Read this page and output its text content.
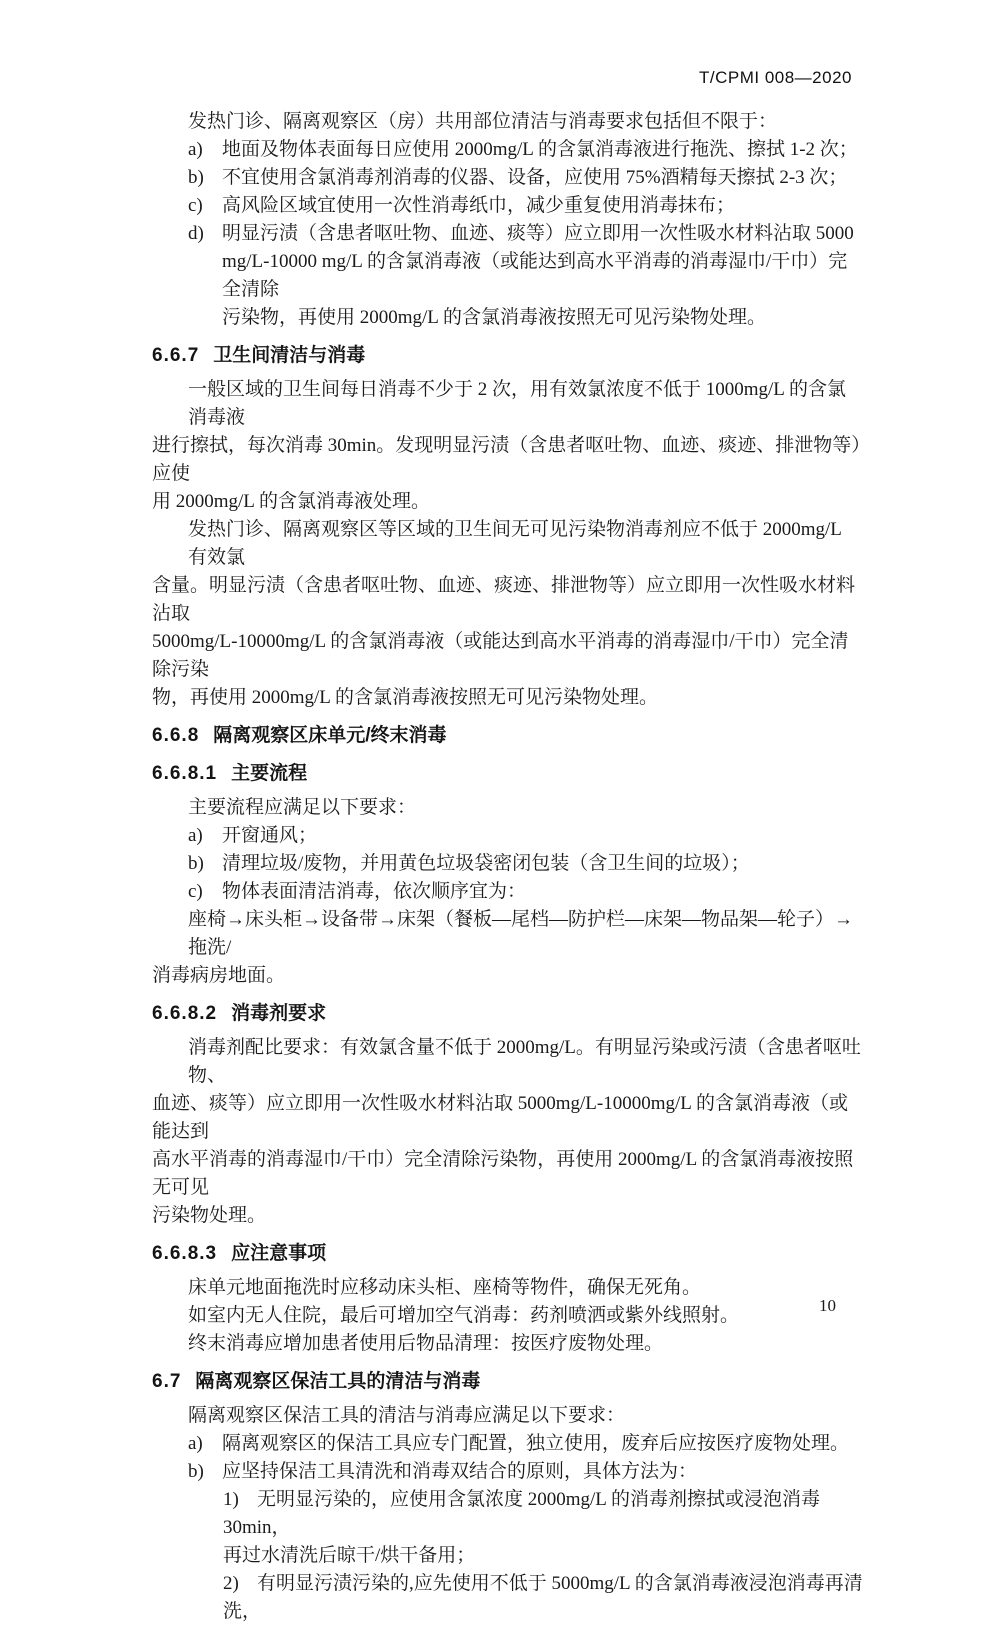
T/CPMI 008—2020
发热门诊、隔离观察区（房）共用部位清洁与消毒要求包括但不限于：
a) 地面及物体表面每日应使用 2000mg/L 的含氯消毒液进行拖洗、擦拭 1-2 次；
b) 不宜使用含氯消毒剂消毒的仪器、设备，应使用 75%酒精每天擦拭 2-3 次；
c) 高风险区域宜使用一次性消毒纸巾，减少重复使用消毒抹布；
d) 明显污渍（含患者呕吐物、血迹、痰等）应立即用一次性吸水材料沾取 5000
mg/L-10000 mg/L 的含氯消毒液（或能达到高水平消毒的消毒湿巾/干巾）完全清除
污染物，再使用 2000mg/L 的含氯消毒液按照无可见污染物处理。
6.6.7 卫生间清洁与消毒
一般区域的卫生间每日消毒不少于 2 次，用有效氯浓度不低于 1000mg/L 的含氯消毒液
进行擦拭，每次消毒 30min。发现明显污渍（含患者呕吐物、血迹、痰迹、排泄物等）应使
用 2000mg/L 的含氯消毒液处理。
发热门诊、隔离观察区等区域的卫生间无可见污染物消毒剂应不低于 2000mg/L 有效氯
含量。明显污渍（含患者呕吐物、血迹、痰迹、排泄物等）应立即用一次性吸水材料沾取
5000mg/L-10000mg/L 的含氯消毒液（或能达到高水平消毒的消毒湿巾/干巾）完全清除污染
物，再使用 2000mg/L 的含氯消毒液按照无可见污染物处理。
6.6.8 隔离观察区床单元/终末消毒
6.6.8.1 主要流程
主要流程应满足以下要求：
a) 开窗通风；
b) 清理垃圾/废物，并用黄色垃圾袋密闭包装（含卫生间的垃圾）；
c) 物体表面清洁消毒，依次顺序宜为：
座椅→床头柜→设备带→床架（餐板—尾档—防护栏—床架—物品架—轮子）→拖洗/
消毒病房地面。
6.6.8.2 消毒剂要求
消毒剂配比要求：有效氯含量不低于 2000mg/L。有明显污染或污渍（含患者呕吐物、
血迹、痰等）应立即用一次性吸水材料沾取 5000mg/L-10000mg/L 的含氯消毒液（或能达到
高水平消毒的消毒湿巾/干巾）完全清除污染物，再使用 2000mg/L 的含氯消毒液按照无可见
污染物处理。
6.6.8.3 应注意事项
床单元地面拖洗时应移动床头柜、座椅等物件，确保无死角。
如室内无人住院，最后可增加空气消毒：药剂喷洒或紫外线照射。
终末消毒应增加患者使用后物品清理：按医疗废物处理。
6.7 隔离观察区保洁工具的清洁与消毒
隔离观察区保洁工具的清洁与消毒应满足以下要求：
a) 隔离观察区的保洁工具应专门配置，独立使用，废弃后应按医疗废物处理。
b) 应坚持保洁工具清洗和消毒双结合的原则，具体方法为：
1) 无明显污染的，应使用含氯浓度 2000mg/L 的消毒剂擦拭或浸泡消毒 30min，
再过水清洗后晾干/烘干备用；
2) 有明显污渍污染的,应先使用不低于 5000mg/L 的含氯消毒液浸泡消毒再清洗，
10
